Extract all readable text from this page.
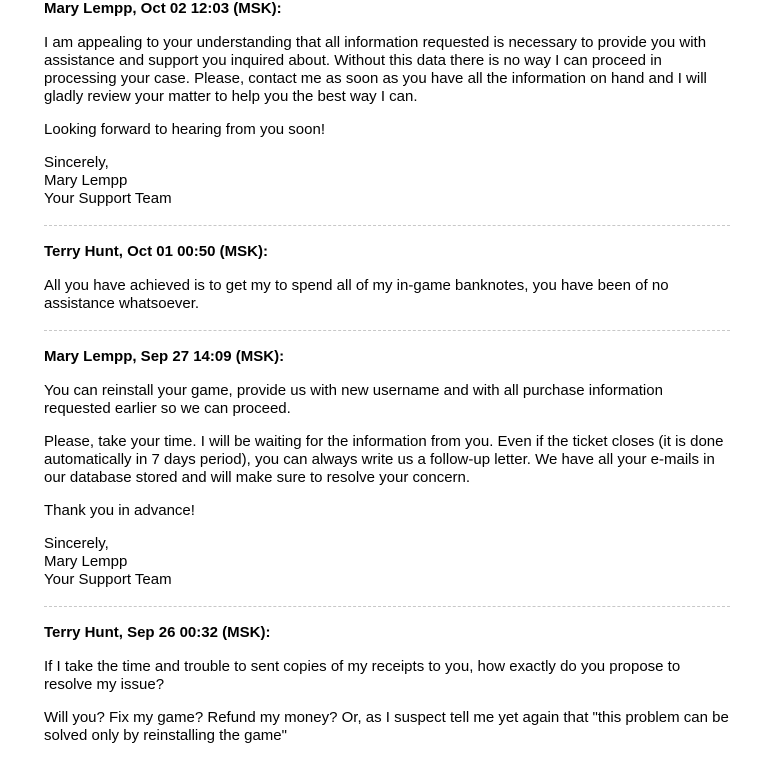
Mary Lempp, Oct 02 12:03 (MSK):
I am appealing to your understanding that all information requested is necessary to provide you with assistance and support you inquired about. Without this data there is no way I can proceed in processing your case. Please, contact me as soon as you have all the information on hand and I will gladly review your matter to help you the best way I can.
Looking forward to hearing from you soon!
Sincerely,
Mary Lempp
Your Support Team
Terry Hunt, Oct 01 00:50 (MSK):
All you have achieved is to get my to spend all of my in-game banknotes, you have been of no assistance whatsoever.
Mary Lempp, Sep 27 14:09 (MSK):
You can reinstall your game, provide us with new username and with all purchase information requested earlier so we can proceed.
Please, take your time. I will be waiting for the information from you. Even if the ticket closes (it is done automatically in 7 days period), you can always write us a follow-up letter. We have all your e-mails in our database stored and will make sure to resolve your concern.
Thank you in advance!
Sincerely,
Mary Lempp
Your Support Team
Terry Hunt, Sep 26 00:32 (MSK):
If I take the time and trouble to sent copies of my receipts to you, how exactly do you propose to resolve my issue?
Will you? Fix my game? Refund my money? Or, as I suspect tell me yet again that "this problem can be solved only by reinstalling the game"
